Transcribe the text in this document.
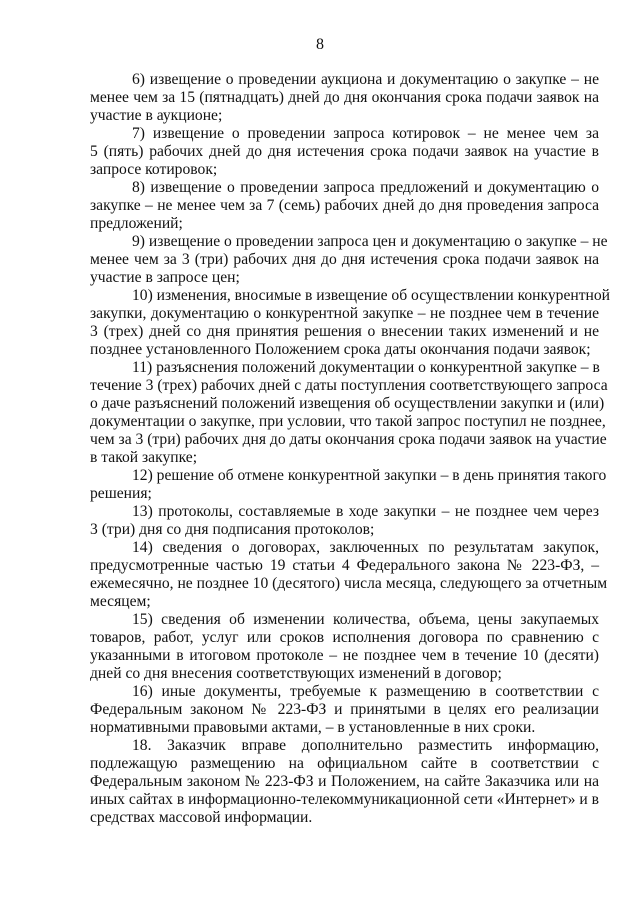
8
6) извещение о проведении аукциона и документацию о закупке – не
менее чем за 15 (пятнадцать) дней до дня окончания срока подачи заявок на
участие в аукционе;
7) извещение о проведении запроса котировок – не менее чем за
5 (пять) рабочих дней до дня истечения срока подачи заявок на участие в
запросе котировок;
8) извещение о проведении запроса предложений и документацию о
закупке – не менее чем за 7 (семь) рабочих дней до дня проведения запроса
предложений;
9) извещение о проведении запроса цен и документацию о закупке – не
менее чем за 3 (три) рабочих дня до дня истечения срока подачи заявок на
участие в запросе цен;
10) изменения, вносимые в извещение об осуществлении конкурентной
закупки, документацию о конкурентной закупке – не позднее чем в течение
3 (трех) дней со дня принятия решения о внесении таких изменений и не
позднее установленного Положением срока даты окончания подачи заявок;
11) разъяснения положений документации о конкурентной закупке – в
течение 3 (трех) рабочих дней с даты поступления соответствующего запроса
о даче разъяснений положений извещения об осуществлении закупки и (или)
документации о закупке, при условии, что такой запрос поступил не позднее,
чем за 3 (три) рабочих дня до даты окончания срока подачи заявок на участие
в такой закупке;
12) решение об отмене конкурентной закупки – в день принятия такого
решения;
13) протоколы, составляемые в ходе закупки – не позднее чем через
3 (три) дня со дня подписания протоколов;
14) сведения о договорах, заключенных по результатам закупок,
предусмотренные частью 19 статьи 4 Федерального закона № 223-ФЗ, –
ежемесячно, не позднее 10 (десятого) числа месяца, следующего за отчетным
месяцем;
15) сведения об изменении количества, объема, цены закупаемых
товаров, работ, услуг или сроков исполнения договора по сравнению с
указанными в итоговом протоколе – не позднее чем в течение 10 (десяти)
дней со дня внесения соответствующих изменений в договор;
16) иные документы, требуемые к размещению в соответствии с
Федеральным законом № 223-ФЗ и принятыми в целях его реализации
нормативными правовыми актами, – в установленные в них сроки.
18. Заказчик вправе дополнительно разместить информацию,
подлежащую размещению на официальном сайте в соответствии с
Федеральным законом № 223-ФЗ и Положением, на сайте Заказчика или на
иных сайтах в информационно-телекоммуникационной сети «Интернет» и в
средствах массовой информации.
